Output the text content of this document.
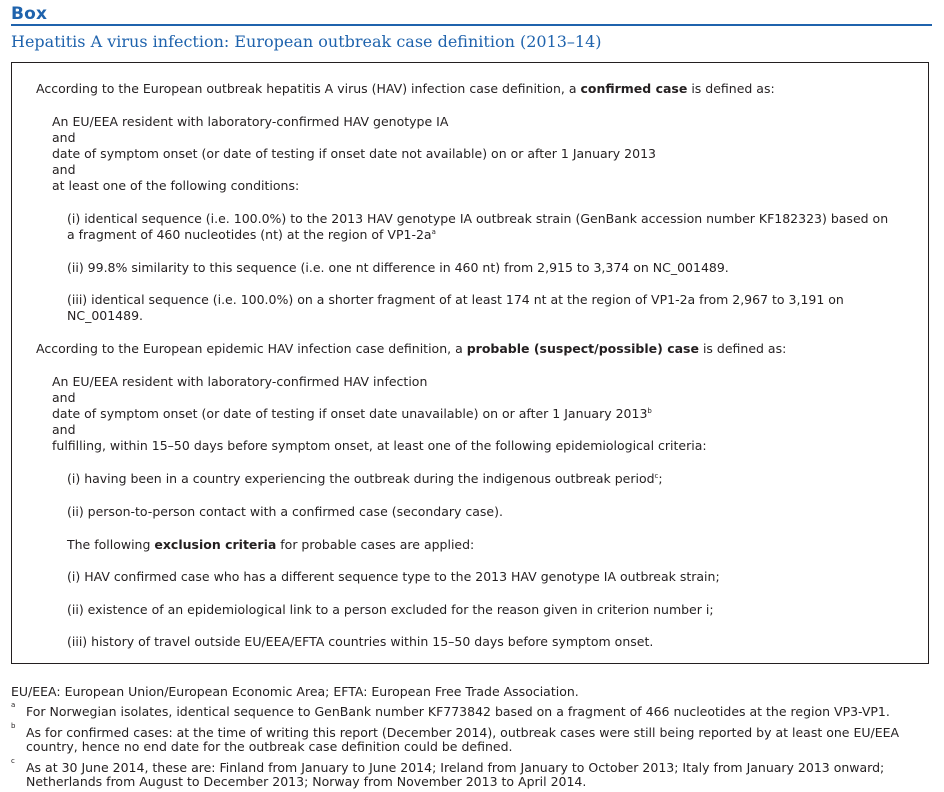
Box
Hepatitis A virus infection: European outbreak case definition (2013–14)
According to the European outbreak hepatitis A virus (HAV) infection case definition, a confirmed case is defined as:
An EU/EEA resident with laboratory-confirmed HAV genotype IA
and
date of symptom onset (or date of testing if onset date not available) on or after 1 January 2013
and
at least one of the following conditions:
(i) identical sequence (i.e. 100.0%) to the 2013 HAV genotype IA outbreak strain (GenBank accession number KF182323) based on
a fragment of 460 nucleotides (nt) at the region of $VP1-2a^a$
(ii) 99.8% similarity to this sequence (i.e. one nt difference in 460 nt) from 2,915 to 3,374 on NC_001489.
(iii) identical sequence (i.e. 100.0%) on a shorter fragment of at least 174 nt at the region of VP1-2a from 2,967 to 3,191 on
NC_001489.
According to the European epidemic HAV infection case definition, a probable (suspect/possible) case is defined as:
An EU/EEA resident with laboratory-confirmed HAV infection
and
date of symptom onset (or date of testing if onset date unavailable) on or after 1 January 2013$^b$
and
fulfilling, within 15–50 days before symptom onset, at least one of the following epidemiological criteria:
(i) having been in a country experiencing the outbreak during the indigenous outbreak period$^c$;
(ii) person-to-person contact with a confirmed case (secondary case).
The following exclusion criteria for probable cases are applied:
(i) HAV confirmed case who has a different sequence type to the 2013 HAV genotype IA outbreak strain;
(ii) existence of an epidemiological link to a person excluded for the reason given in criterion number i;
(iii) history of travel outside EU/EEA/EFTA countries within 15–50 days before symptom onset.
EU/EEA: European Union/European Economic Area; EFTA: European Free Trade Association.
a For Norwegian isolates, identical sequence to GenBank number KF773842 based on a fragment of 466 nucleotides at the region VP3-VP1.
b As for confirmed cases: at the time of writing this report (December 2014), outbreak cases were still being reported by at least one EU/EEA
country, hence no end date for the outbreak case definition could be defined.
c As at 30 June 2014, these are: Finland from January to June 2014; Ireland from January to October 2013; Italy from January 2013 onward;
Netherlands from August to December 2013; Norway from November 2013 to April 2014.
